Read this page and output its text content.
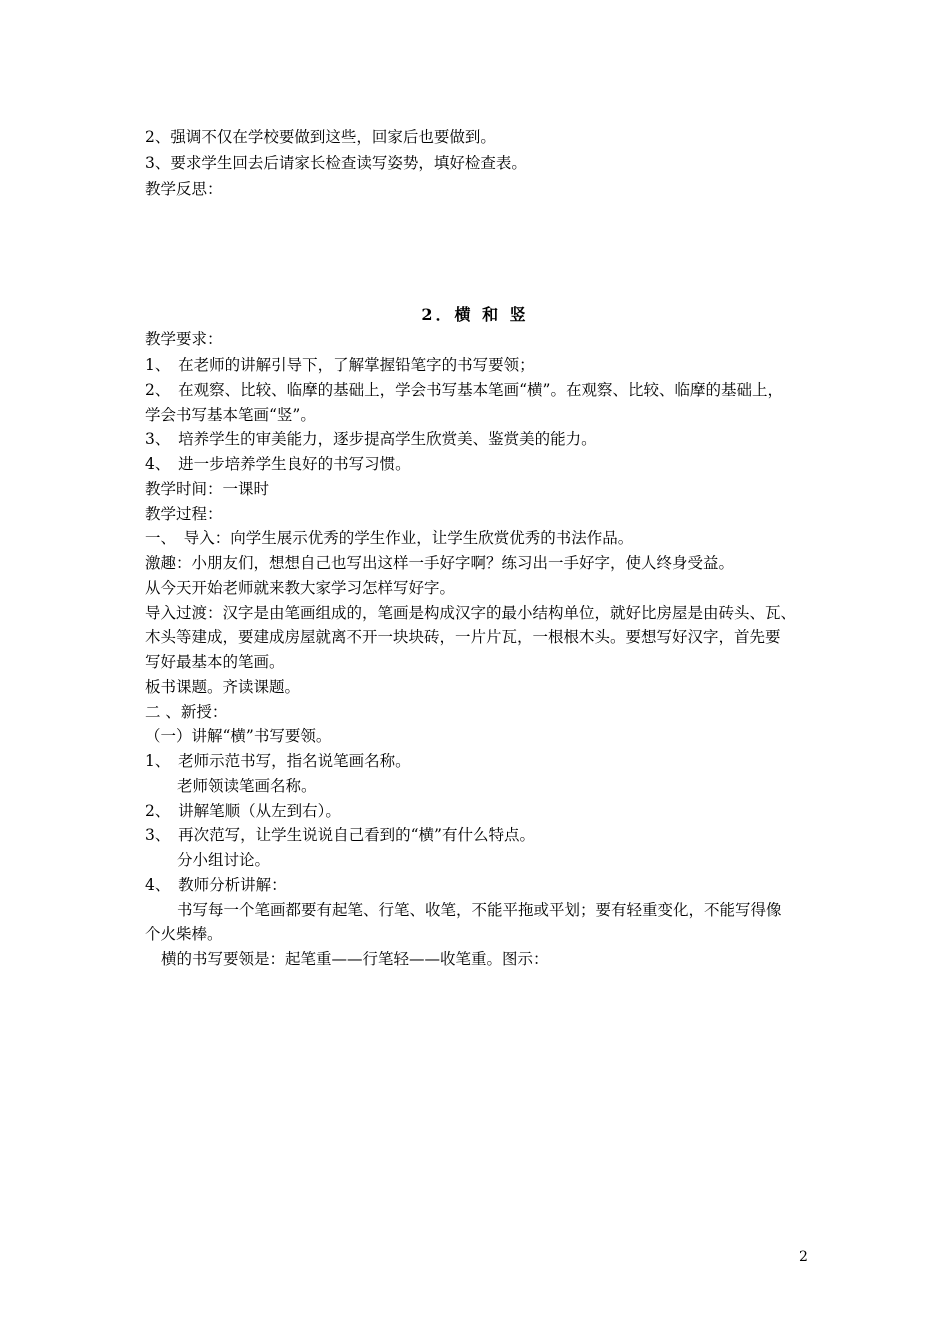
2、强调不仅在学校要做到这些，回家后也要做到。
3、要求学生回去后请家长检查读写姿势，填好检查表。
教学反思：
2．横 和 竖
教学要求：
1、　在老师的讲解引导下，了解掌握铅笔字的书写要领；
2、　在观察、比较、临摩的基础上，学会书写基本笔画“横”。在观察、比较、临摩的基础上，
学会书写基本笔画“竖”。
3、　培养学生的审美能力，逐步提高学生欣赏美、鉴赏美的能力。
4、　进一步培养学生良好的书写习惯。
教学时间：一课时
教学过程：
一、　导入：向学生展示优秀的学生作业，让学生欣赏优秀的书法作品。
激趣：小朋友们，想想自己也写出这样一手好字啊？练习出一手好字，使人终身受益。
从今天开始老师就来教大家学习怎样写好字。
导入过渡：汉字是由笔画组成的，笔画是构成汉字的最小结构单位，就好比房屋是由砖头、瓦、
木头等建成，要建成房屋就离不开一块块砖，一片片瓦，一根根木头。要想写好汉字，首先要
写好最基本的笔画。
板书课题。齐读课题。
二 、新授：
（一）讲解“横”书写要领。
1、　老师示范书写，指名说笔画名称。
老师领读笔画名称。
2、　讲解笔顺（从左到右）。
3、　再次范写，让学生说说自己看到的“横”有什么特点。
分小组讨论。
4、　教师分析讲解：
书写每一个笔画都要有起笔、行笔、收笔，不能平拖或平划；要有轻重变化，不能写得像
个火柴棒。
横的书写要领是：起笔重——行笔轻——收笔重。图示：
2
